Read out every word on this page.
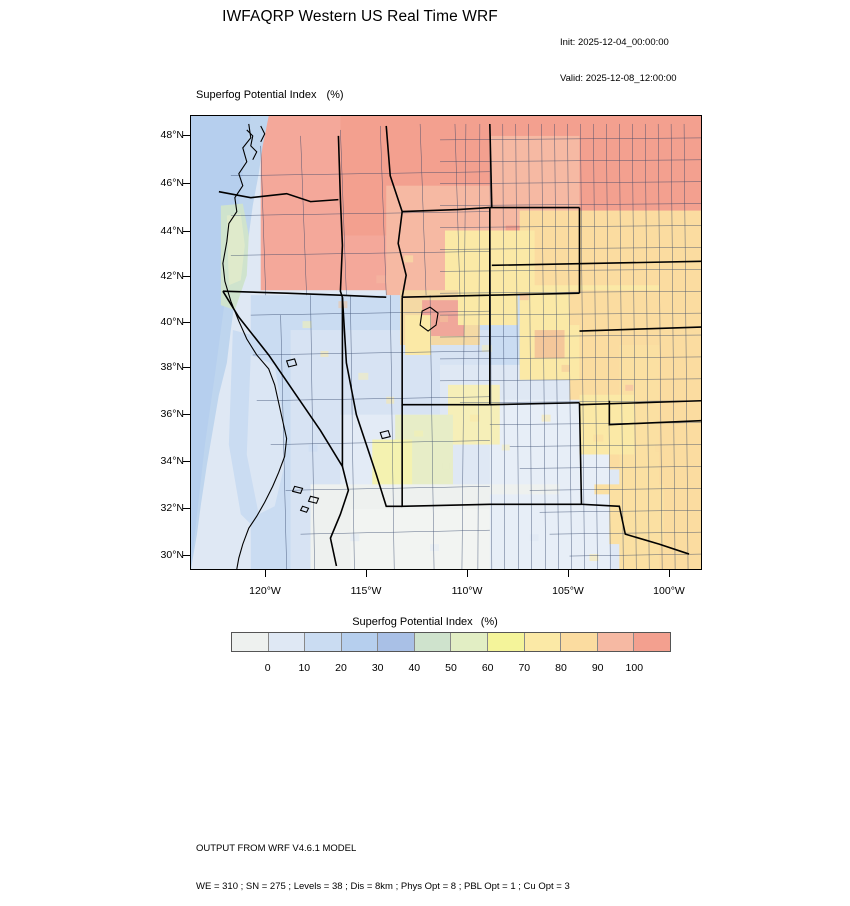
IWFAQRP Western US Real Time WRF

Init: 2025-12-04_00:00:00

Valid: 2025-12-08_12:00:00

Superfog Potential Index (%)
48°N
46°N
44°N
42°N
40°N
38°N
36°N
34°N
32°N
30°N
120°W	115°W	110°W	105°W	100°W
Superfog Potential Index (%)
0	10 20 30 40 50 60 70 80 90 100

OUTPUT FROM WRF V4.6.1 MODEL

WE = 310 ; SN = 275 ; Levels = 38 ; Dis = 8km ; Phys Opt = 8 ; PBL Opt = 1 ; Cu Opt = 3
